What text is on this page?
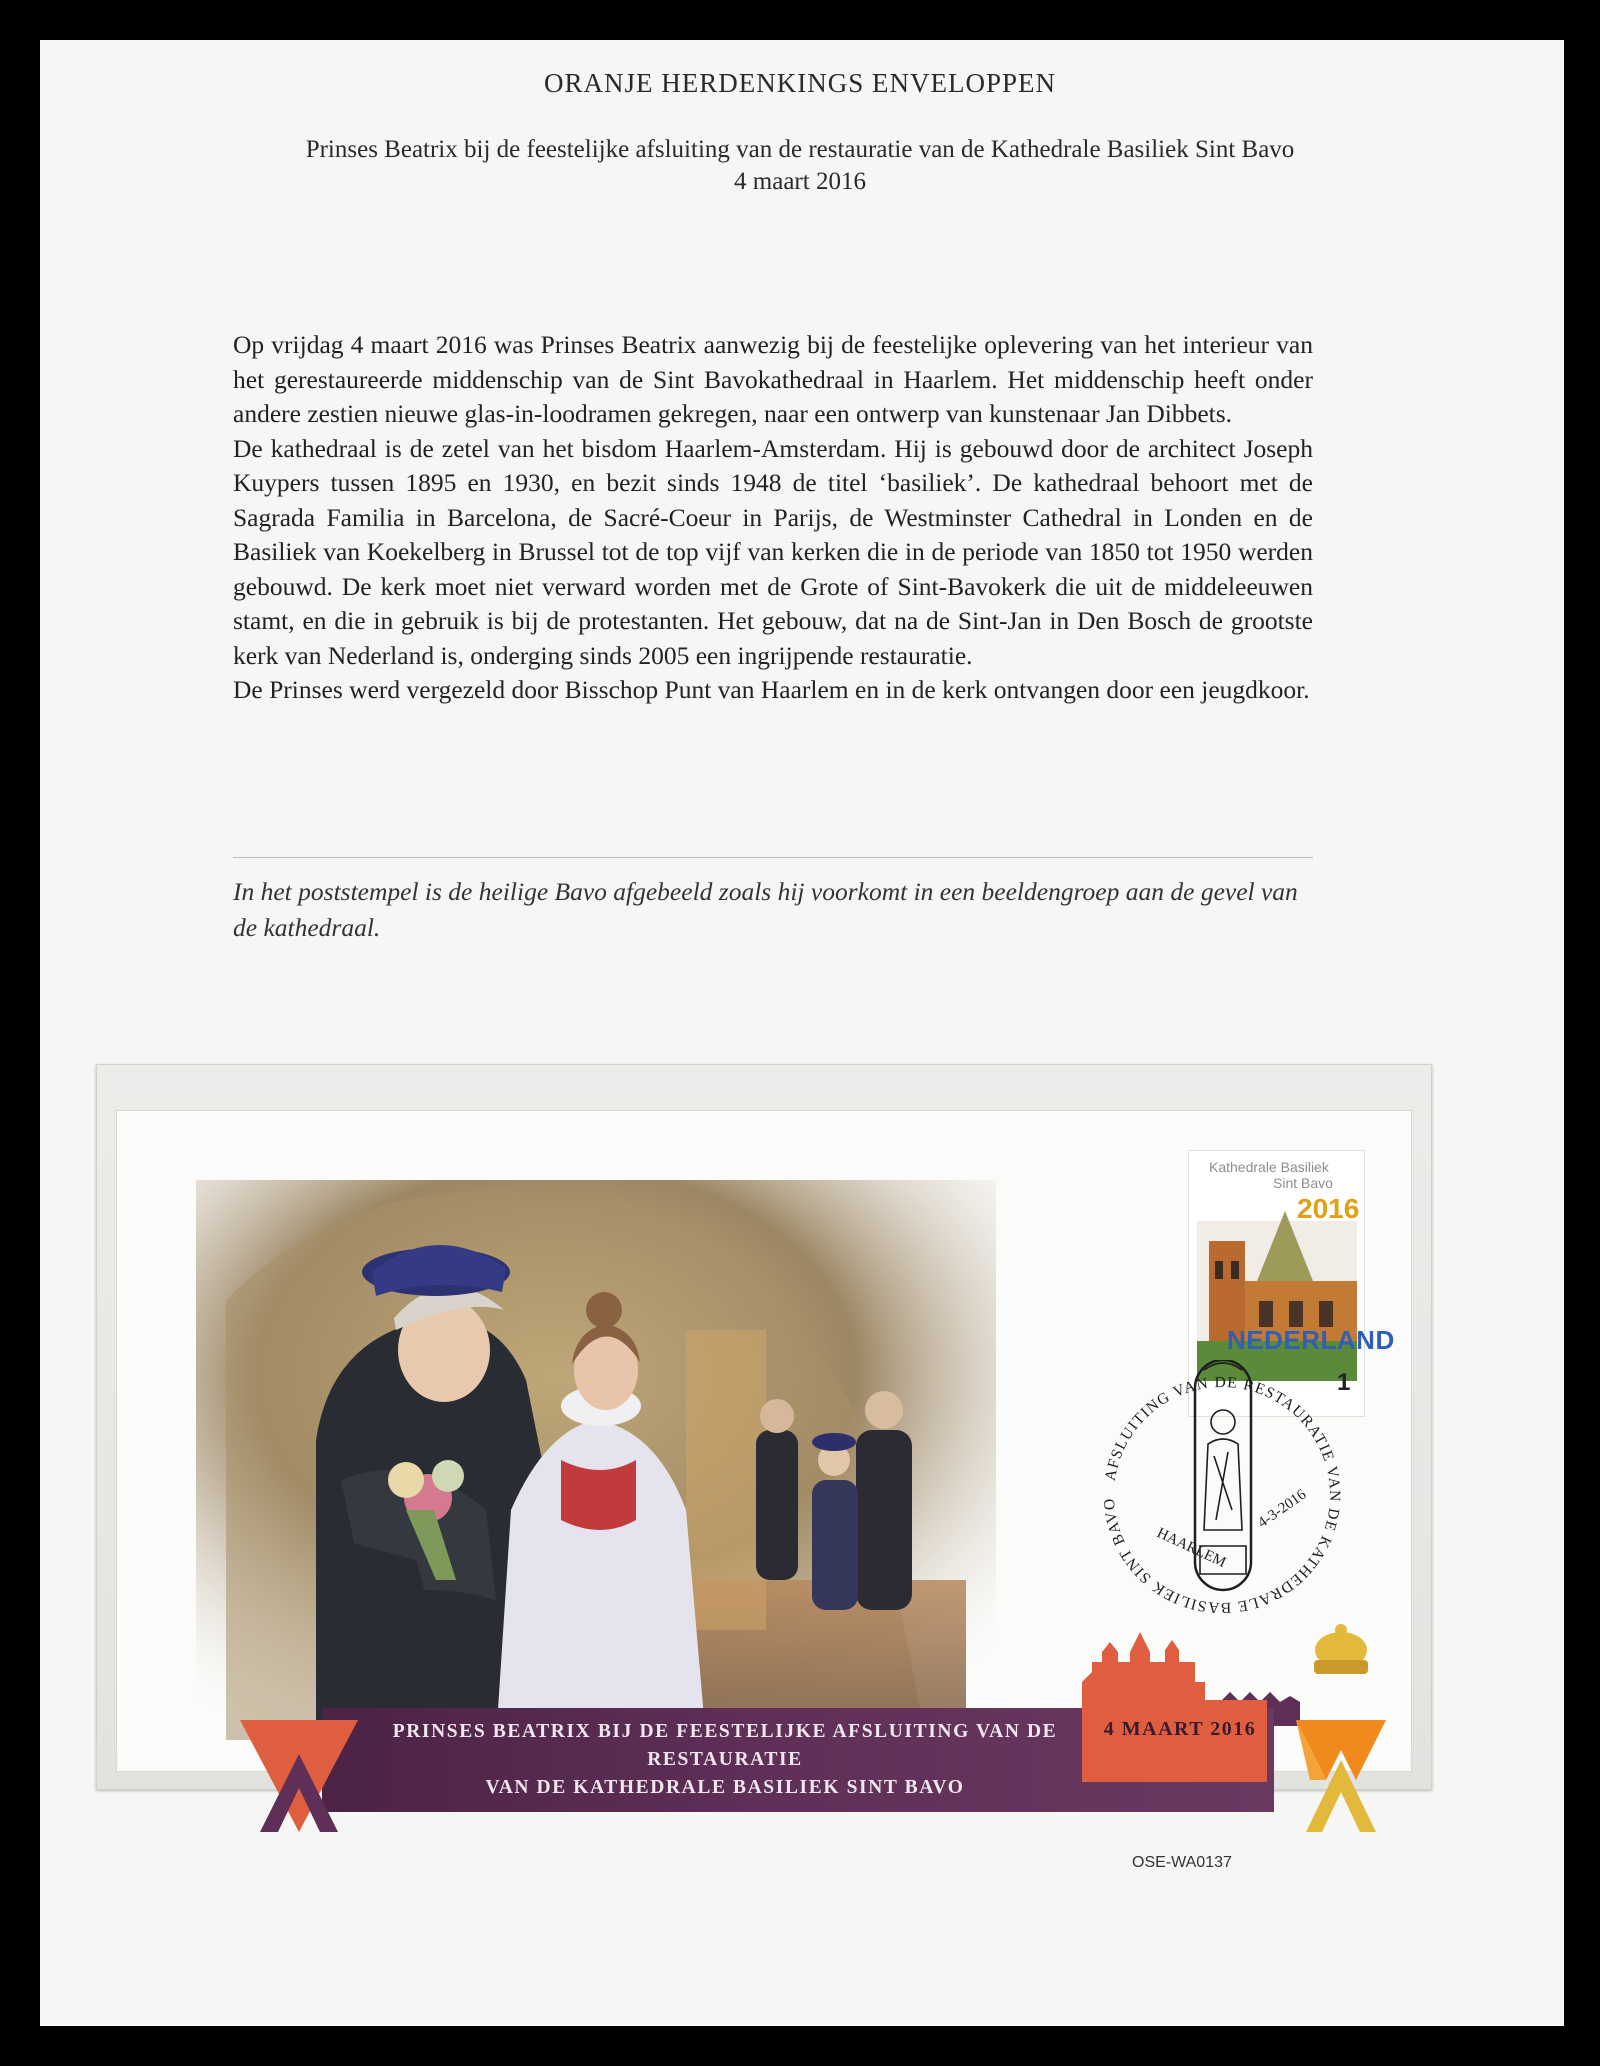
ORANJE HERDENKINGS ENVELOPPEN
Prinses Beatrix bij de feestelijke afsluiting van de restauratie van de Kathedrale Basiliek Sint Bavo
4 maart 2016

Op vrijdag 4 maart 2016 was Prinses Beatrix aanwezig bij de feestelijke oplevering van het interieur van het gerestaureerde middenschip van de Sint Bavokathedraal in Haarlem. Het middenschip heeft onder andere zestien nieuwe glas-in-loodramen gekregen, naar een ontwerp van kunstenaar Jan Dibbets.

De kathedraal is de zetel van het bisdom Haarlem-Amsterdam. Hij is gebouwd door de architect Joseph Kuypers tussen 1895 en 1930, en bezit sinds 1948 de titel ‘basiliek’. De kathedraal behoort met de Sagrada Familia in Barcelona, de Sacré-Coeur in Parijs, de Westminster Cathedral in Londen en de Basiliek van Koekelberg in Brussel tot de top vijf van kerken die in de periode van 1850 tot 1950 werden gebouwd. De kerk moet niet verward worden met de Grote of Sint-Bavokerk die uit de middeleeuwen stamt, en die in gebruik is bij de protestanten. Het gebouw, dat na de Sint-Jan in Den Bosch de grootste kerk van Nederland is, onderging sinds 2005 een ingrijpende restauratie.

De Prinses werd vergezeld door Bisschop Punt van Haarlem en in de kerk ontvangen door een jeugdkoor.

In het poststempel is de heilige Bavo afgebeeld zoals hij voorkomt in een beeldengroep aan de gevel van de kathedraal.
Kathedrale Basiliek
Sint Bavo
2016
NEDERLAND
1
AFSLUITING VAN DE RESTAURATIE VAN DE KATHEDRALE BASILIEK SINT BAVO
HAARLEM
4-3-2016
PRINSES BEATRIX BIJ DE FEESTELIJKE AFSLUITING VAN DE RESTAURATIE
VAN DE KATHEDRALE BASILIEK SINT BAVO
4 MAART 2016
OSE-WA0137
